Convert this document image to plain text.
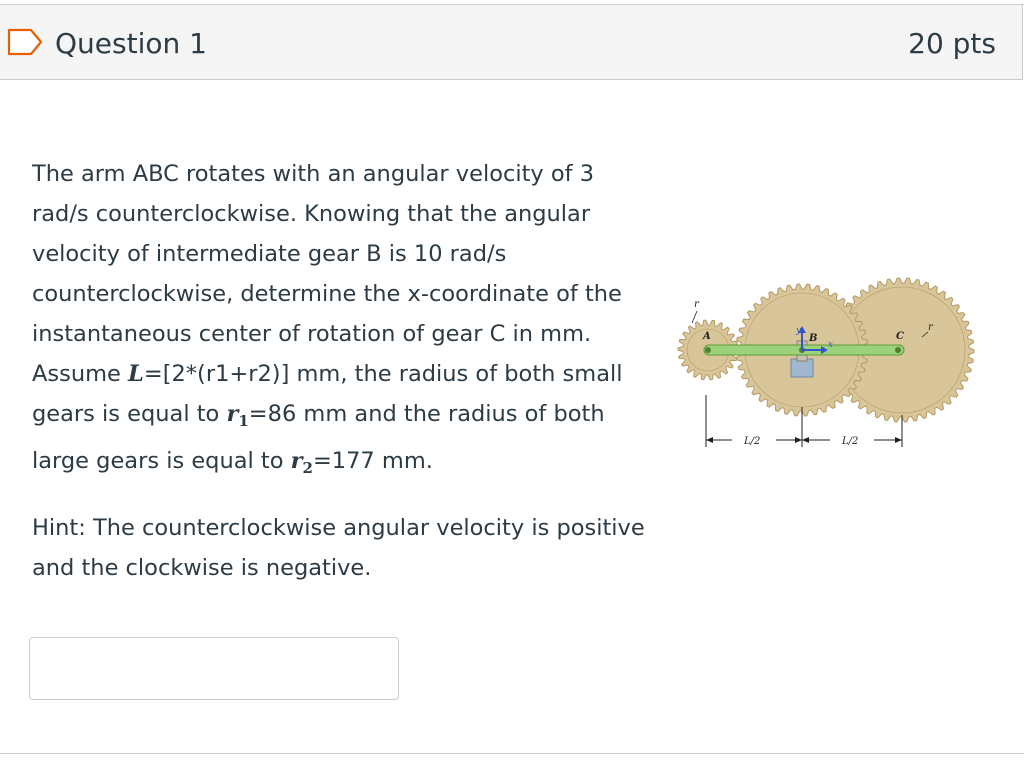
Question 1	20 pts

The arm ABC rotates with an angular velocity of 3 rad/s counterclockwise. Knowing that the angular velocity of intermediate gear B is 10 rad/s counterclockwise, determine the x-coordinate of the instantaneous center of rotation of gear C in mm. Assume L=[2*(r1+r2)] mm, the radius of both small gears is equal to $r_1=86$ mm and the radius of both large gears is equal to $r_2=177$ mm.

Hint: The counterclockwise angular velocity is positive and the clockwise is negative.

y
x
A	B	C
r
r
L/2	L/2
